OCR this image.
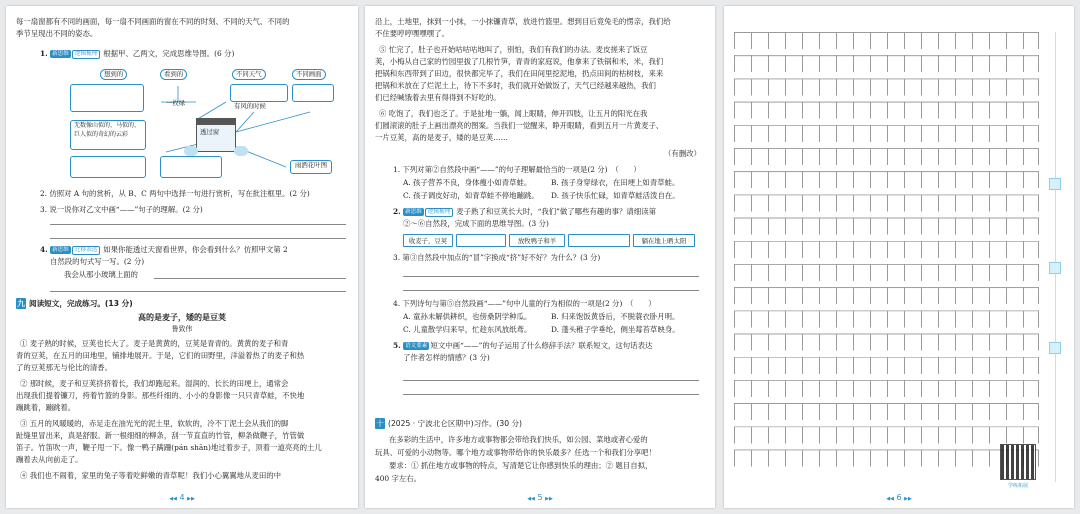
每一扇窗都有不同的画面，每一扇不同画面的窗在不同的时刻、不同的天气、不同的
季节呈现出不同的姿态。
1. 新思维 逻辑梳理 根据甲、乙两文，完成思维导图。(6 分)
想到的	看到的	不同天气	不同画面
一枚绿	有风的时候
无数像山似的、马似的、巨人似的奇幻的云彩	透过窗
雨洒花叶图
2. 仿照对 A 句的赏析，从 B、C 两句中选择一句进行赏析，写在批注框里。(2 分)
3. 说一说你对乙文中画“——”句子的理解。(2 分)
4. 新思维 迁移表达 如果你能透过天窗看世界，你会看到什么？仿照甲文第 2
自然段的句式写一写。(2 分)
我会从那小玻璃上面的
九 阅读短文，完成练习。(13 分)
高的是麦子，矮的是豆荚
鲁致伟
① 麦子熟的时候，豆荚也长大了。麦子是黄黄的，豆荚是青青的。黄黄的麦子和青
青的豆荚，在五月的田地里，铺排地展开。于是，它们的田野里，洋溢着热了的麦子和热
了的豆荚那无与伦比的清香。
② 那时候，麦子和豆荚挤挤着长，我们却跑起来。湿润的、长长的田埂上，通常会
出现我们提着镰刀，挎着竹篮的身影。那些纤细的、小小的身影像一只只青草蛙，不快地
蹦跳着，蹦跳着。
③ 五月的风暖暖的，赤足走在油光光的泥土里，软软的，冷不丁泥土会从我们的脚
趾缝里冒出来，真是舒服。新一根细细的柳条，刮一节直直的竹管，柳条做鞭子，竹管做
笛子。竹笛吹一声，鞭子甩一下。像一鸭子蹒跚(pán shān)地过着步子，顶着一道亮亮的土儿
蹦着去从向前走了。
④ 我们也不闹着，家里的兔子等着吃鲜嫩的青草呢！我们小心翼翼地从麦田的中
◀◀ 4 ▶▶
沿上，土地里，抹到一小抹，一小抹镰青草，放进竹篮里。想到目后竟兔毛的愣亲，我们给
不住要哼哼嘿嘿嘿了。
⑤ 忙完了，肚子也开始咕咕咕地叫了，别怕，我们有我们的办法。麦皮搓来了饭豆
荚，小梅从自己家的竹园里拔了几根竹笋，青青的家庭说，他拿来了铁锅和米，米，我们
把锅和东西带到了田边，很快都完毕了，我们在田间里挖泥地，扔点田间的枯树枝，来来
把锅和米放在了烂泥土上，待下不多时，我们就开始做饭了，天气已经越来越热，我们
们已经喊饿着去里有得得到不好吃的。
⑥ 吃饱了，我们也乏了。于是扯地一躺，闻上眼睛，伸开四肢，让五月的阳光在我
们圆滚滚的肚子上画出漂亮的图案。当我们一觉醒来，睁开眼睛，看到五月一片黄麦子、
一片豆荚，高的是麦子，矮的是豆荚……
（有删改）
1. 下列对第②自然段中画“——”的句子理解最恰当的一项是(2 分)　（　　）
A. 孩子营养不良，身体瘦小如青草蛙。	B. 孩子身穿绿衣，在田埂上如青草蛙。
C. 孩子调皮好动，如青草蛙不停地蹦跳。 D. 孩子快乐忙碌，如青草蛙活泼自在。
2. 新思维 逻辑梳理 麦子熟了和豆荚长大时，“我们”做了哪些有趣的事？请细读第
②～⑥自然段，完成下面的思维导图。(3 分)
收麦子，豆荚	放牧鸭子和羊	躺在地上晒太阳
3. 第③自然段中加点的“冒”字换成“挤”好不好？为什么？(3 分)
4. 下列诗句与第⑤自然段画“——”句中儿童的行为相似的一项是(2 分)　（　　）
A. 童孙未解供耕织，也傍桑阴学种瓜。	B. 归来饱饭黄昏后，不脱蓑衣卧月明。
C. 儿童散学归来早，忙趁东风放纸鸢。	D. 蓬头稚子学垂纶，侧坐莓苔草映身。
5. 语文要素 短文中画“——”的句子运用了什么修辞手法？联系短文，这句话表达
了作者怎样的情感？(3 分)
十 (2025 · 宁波北仑区期中)习作。(30 分)
在多彩的生活中，许多地方或事物都会带给我们快乐，如公园、菜地或者心爱的
玩具、可爱的小动物等。哪个地方或事物带给你的快乐最多？任选一个和我们分享吧！
要求：① 抓住地方或事物的特点，写清楚它让你感到快乐的理由；② 题目自拟，
400 字左右。
◀◀ 5 ▶▶
学练拓展
◀◀ 6 ▶▶
